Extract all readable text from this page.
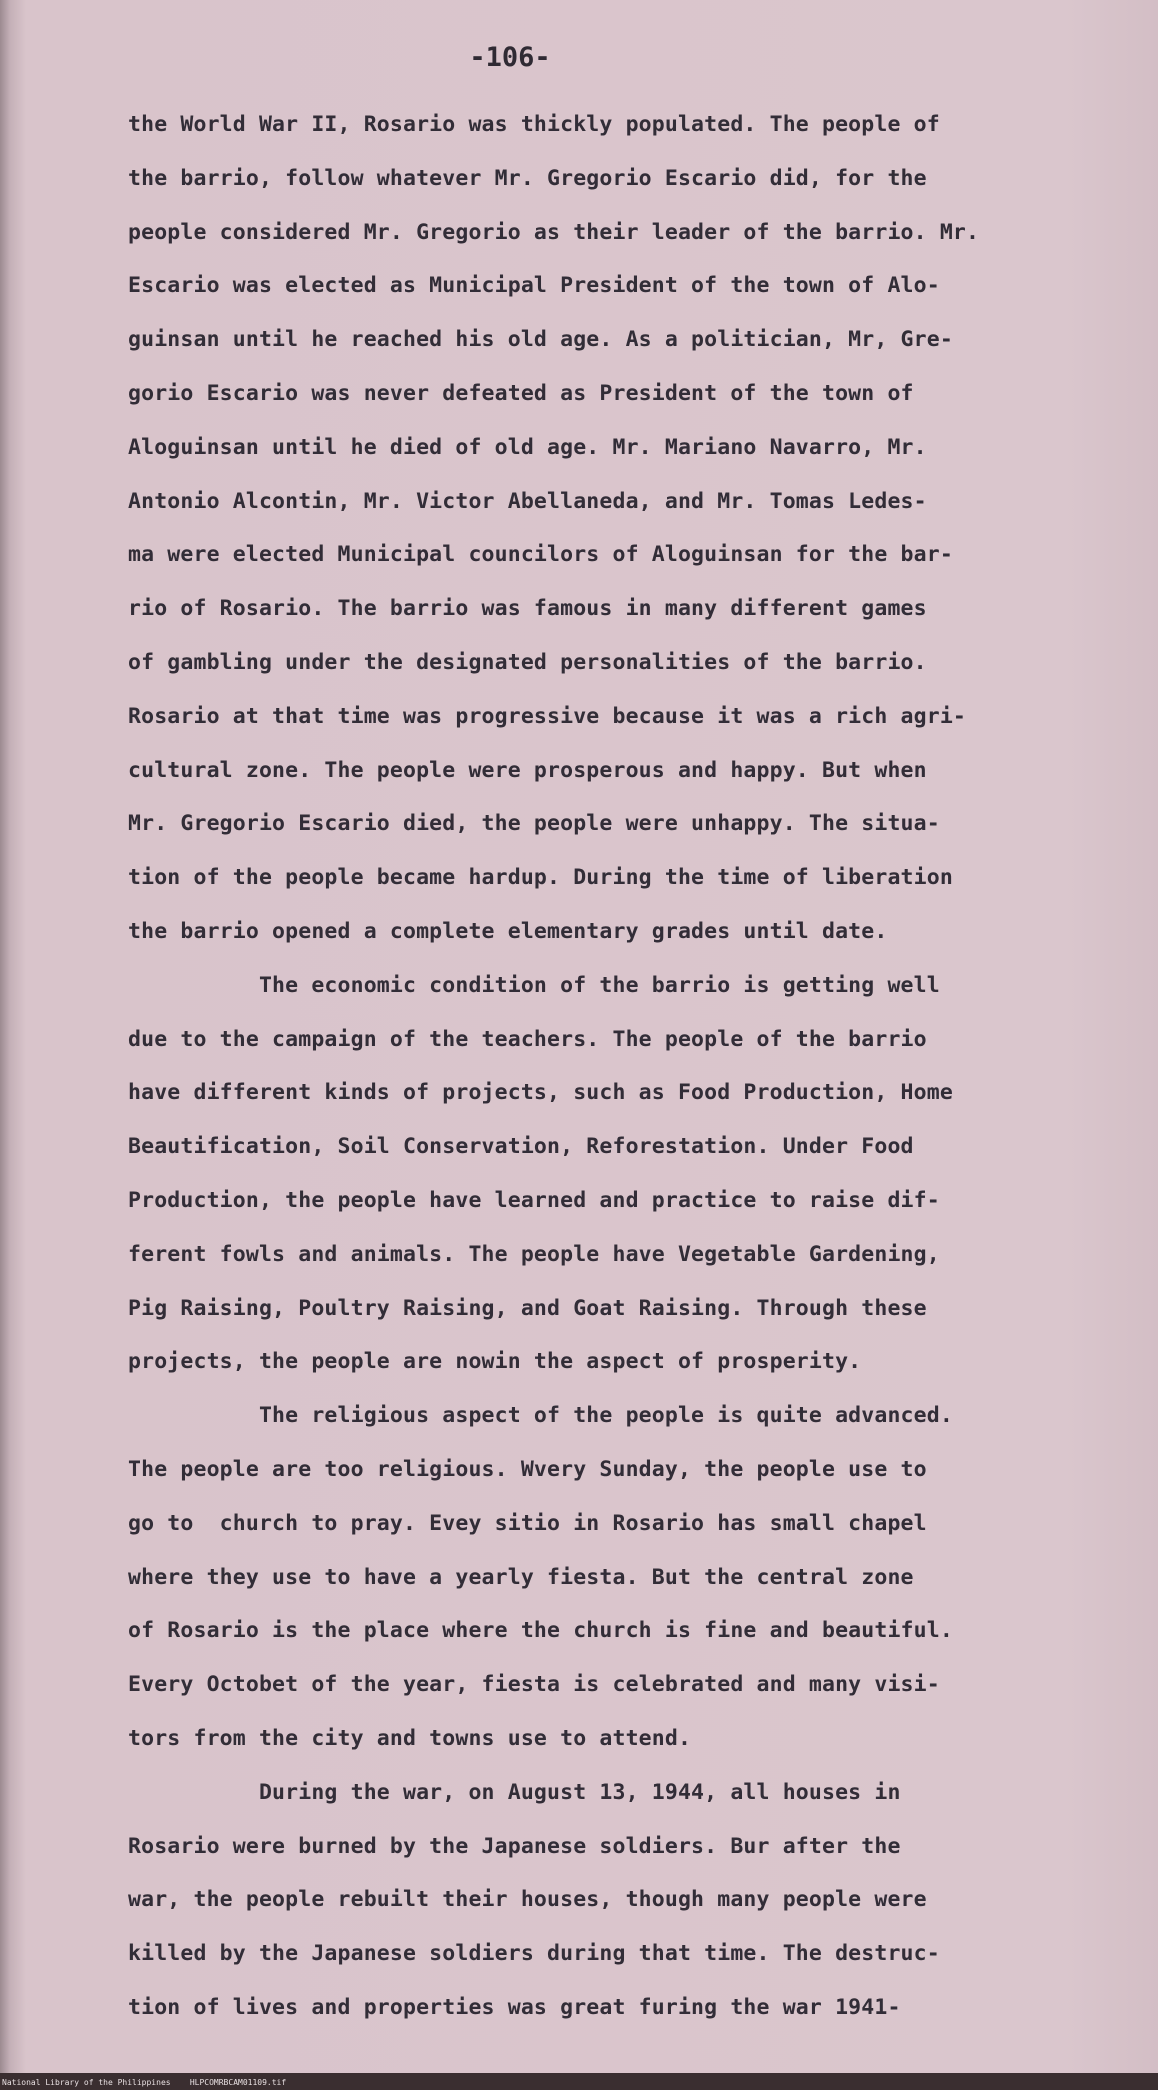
-106-
the World War II, Rosario was thickly populated. The people of
the barrio, follow whatever Mr. Gregorio Escario did, for the
people considered Mr. Gregorio as their leader of the barrio. Mr.
Escario was elected as Municipal President of the town of Alo-
guinsan until he reached his old age. As a politician, Mr, Gre-
gorio Escario was never defeated as President of the town of
Aloguinsan until he died of old age. Mr. Mariano Navarro, Mr.
Antonio Alcontin, Mr. Victor Abellaneda, and Mr. Tomas Ledes-
ma were elected Municipal councilors of Aloguinsan for the bar-
rio of Rosario. The barrio was famous in many different games
of gambling under the designated personalities of the barrio.
Rosario at that time was progressive because it was a rich agri-
cultural zone. The people were prosperous and happy. But when
Mr. Gregorio Escario died, the people were unhappy. The situa-
tion of the people became hardup. During the time of liberation
the barrio opened a complete elementary grades until date.
The economic condition of the barrio is getting well
due to the campaign of the teachers. The people of the barrio
have different kinds of projects, such as Food Production, Home
Beautification, Soil Conservation, Reforestation. Under Food
Production, the people have learned and practice to raise dif-
ferent fowls and animals. The people have Vegetable Gardening,
Pig Raising, Poultry Raising, and Goat Raising. Through these
projects, the people are nowin the aspect of prosperity.
The religious aspect of the people is quite advanced.
The people are too religious. Wvery Sunday, the people use to
go to  church to pray. Evey sitio in Rosario has small chapel
where they use to have a yearly fiesta. But the central zone
of Rosario is the place where the church is fine and beautiful.
Every Octobet of the year, fiesta is celebrated and many visi-
tors from the city and towns use to attend.
During the war, on August 13, 1944, all houses in
Rosario were burned by the Japanese soldiers. Bur after the
war, the people rebuilt their houses, though many people were
killed by the Japanese soldiers during that time. The destruc-
tion of lives and properties was great furing the war 1941-
National Library of the Philippines    HLPCOMRBCAM01109.tif
